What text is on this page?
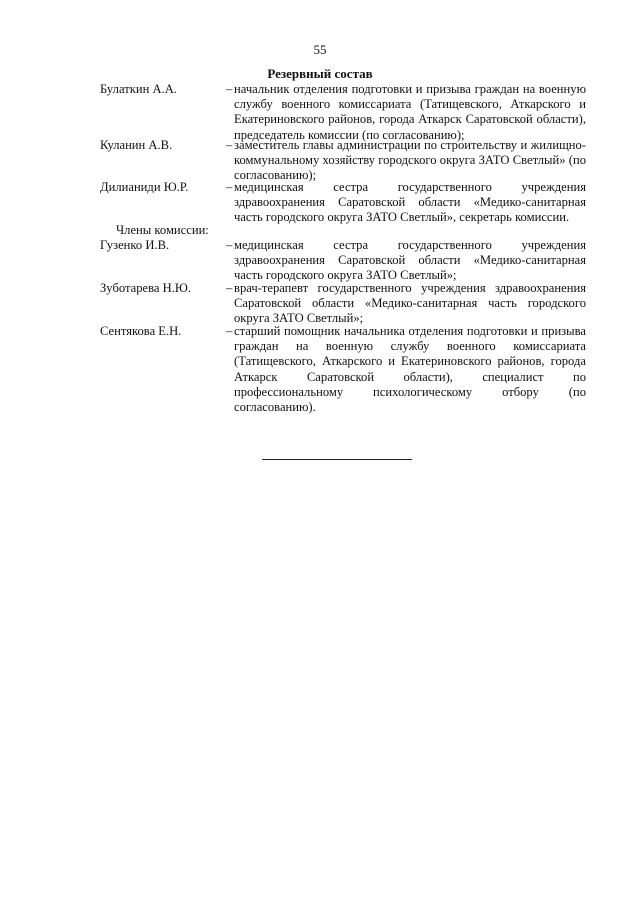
55
Резервный состав
Булаткин А.А.	– начальник отделения подготовки и призыва граждан на военную службу военного комиссариата (Татищевского, Аткарского и Екатериновского районов, города Аткарск Саратовской области), председатель комиссии (по согласованию);
Куланин А.В.	– заместитель главы администрации по строительству и жилищно-коммунальному хозяйству городского округа ЗАТО Светлый» (по согласованию);
Дилианиди Ю.Р.	– медицинская сестра государственного учреждения здравоохранения Саратовской области «Медико-санитарная часть городского округа ЗАТО Светлый», секретарь комиссии.
Члены комиссии:
Гузенко И.В.	– медицинская сестра государственного учреждения здравоохранения Саратовской области «Медико-санитарная часть городского округа ЗАТО Светлый»;
Зуботарева Н.Ю.	– врач-терапевт государственного учреждения здравоохранения Саратовской области «Медико-санитарная часть городского округа ЗАТО Светлый»;
Сентякова Е.Н.	– старший помощник начальника отделения подготовки и призыва граждан на военную службу военного комиссариата (Татищевского, Аткарского и Екатериновского районов, города Аткарск Саратовской области), специалист по профессиональному психологическому отбору (по согласованию).
